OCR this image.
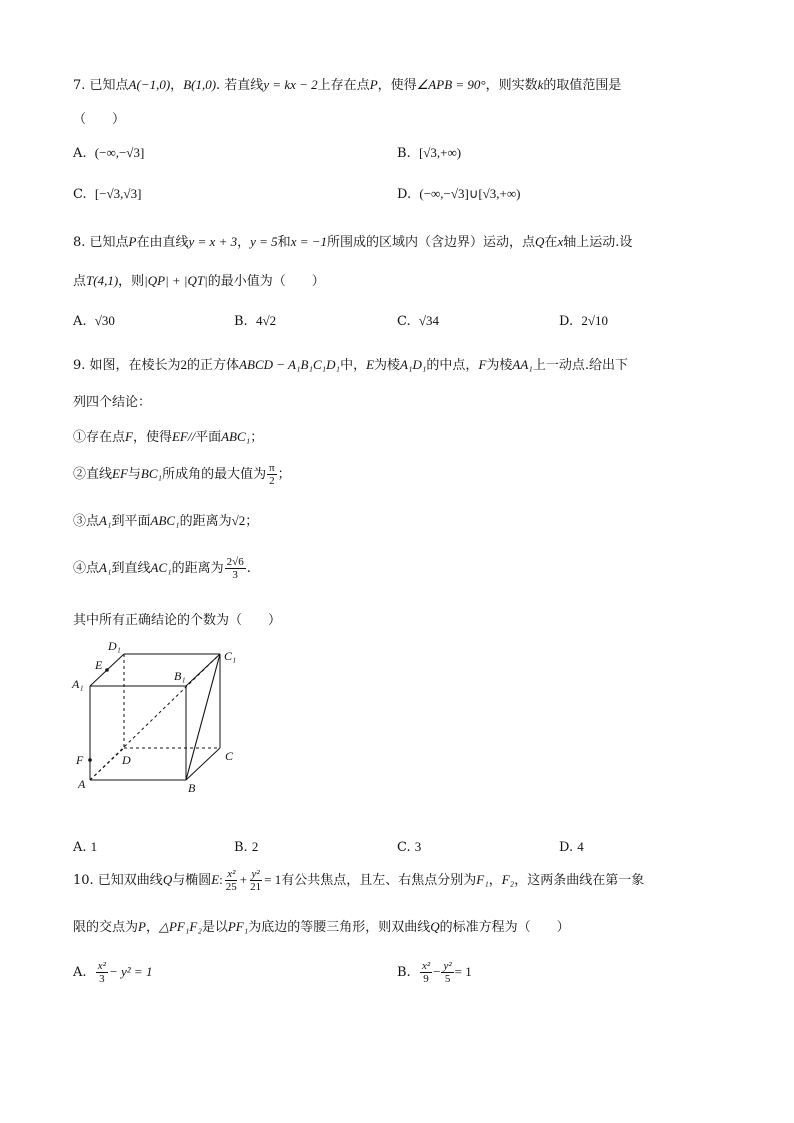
7. 已知点A(−1,0)，B(1,0). 若直线y = kx − 2上存在点P，使得∠APB = 90°，则实数k的取值范围是
（　　）
A. (−∞,−√3]	B. [√3,+∞)
C. [−√3,√3]	D. (−∞,−√3]∪[√3,+∞)
8. 已知点P在由直线y = x + 3，y = 5和x = −1所围成的区域内（含边界）运动，点Q在x轴上运动.设
点T(4,1)，则|QP| + |QT|的最小值为（　　）
A. √30	B. 4√2	C. √34	D. 2√10
9. 如图，在棱长为2的正方体ABCD − A₁B₁C₁D₁中，E为棱A₁D₁的中点，F为棱AA₁上一动点.给出下
列四个结论：
①存在点F，使得EF//平面ABC₁；
②直线EF与BC₁所成角的最大值为 $\frac{\pi}{2}$ ；
③点A₁到平面ABC₁的距离为√2；
④点A₁到直线AC₁的距离为 $\frac{2√6}{3}$ .
其中所有正确结论的个数为（　　）
D₁
E
A₁
B₁
C₁
F	D	C
A	B
A. 1	B. 2	C. 3	D. 4
10. 已知双曲线Q与椭圆E: $\frac{\text{x²}}{25} + \frac{\text{y²}}{21} = 1$有公共焦点，且左、右焦点分别为F₁，F₂，这两条曲线在第一象
限的交点为P，△PF₁F₂是以PF₁为底边的等腰三角形，则双曲线Q的标准方程为（　　）
A. $\frac{\text{x²}}{3} - y^2 = 1$	B. $\frac{\text{x²}}{9} - \frac{\text{y²}}{5} = 1$
